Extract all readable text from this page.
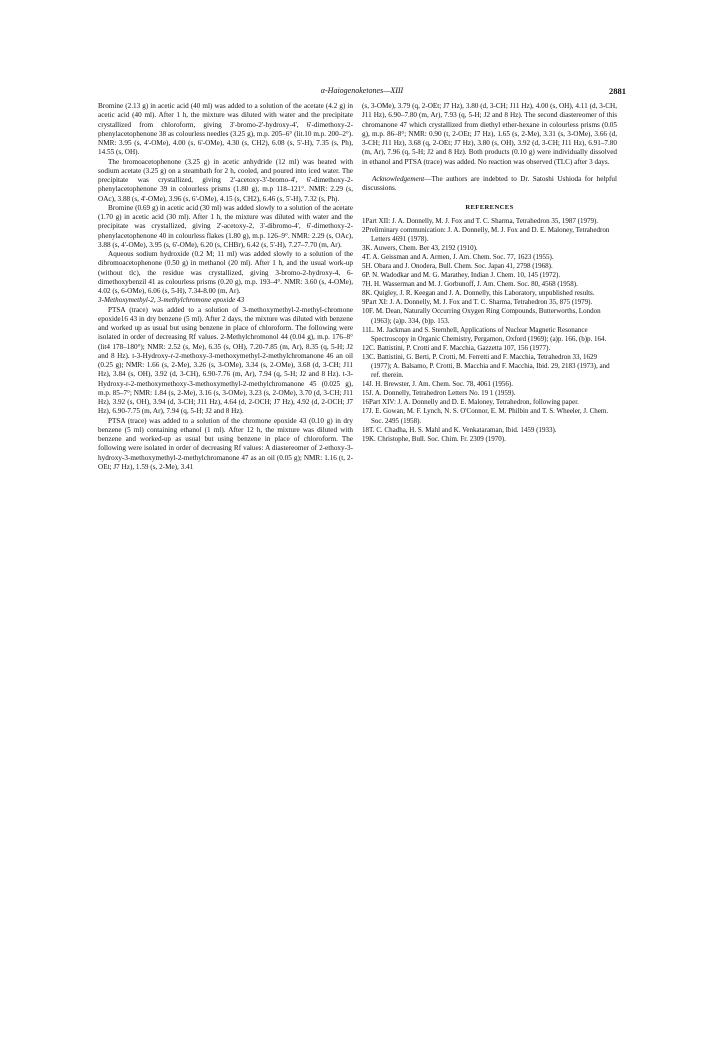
α-Haiogenoketones—XIII	2881

Bromine (2.13 g) in acetic acid (40 ml) was added to a solution of the acetate (4.2 g) in acetic acid (40 ml). After 1 h, the mixture was diluted with water and the precipitate crystallized from chloroform, giving 3'-bromo-2'-hydroxy-4', 6'-dimethoxy-2-phenylacetophenone 38 as colourless needles (3.25 g), m.p. 205–6° (lit.10 m.p. 200–2°). NMR: 3.95 (s, 4'-OMe), 4.00 (s, 6'-OMe), 4.30 (s, CH2), 6.08 (s, 5'-H), 7.35 (s, Ph), 14.55 (s, OH).

The bromoacetophenone (3.25 g) in acetic anhydride (12 ml) was heated with sodium acetate (3.25 g) on a steambath for 2 h, cooled, and poured into iced water. The precipitate was crystallized, giving 2'-acetoxy-3'-bromo-4', 6'-dimethoxy-2-phenylacetophenone 39 in colourless prisms (1.80 g), m.p 118–121°. NMR: 2.29 (s, OAc), 3.88 (s, 4'-OMe), 3.96 (s, 6'-OMe), 4.15 (s, CH2), 6.46 (s, 5'-H), 7.32 (s, Ph).

Bromine (0.69 g) in acetic acid (30 ml) was added slowly to a solution of the acetate (1.70 g) in acetic acid (30 ml). After 1 h, the mixture was diluted with water and the precipitate was crystallized, giving 2'-acetoxy-2, 3'-dibromo-4', 6'-dimethoxy-2-phenylacetophenone 40 in colourless flakes (1.80 g), m.p. 126–9°. NMR: 2.29 (s, OAc), 3.88 (s, 4'-OMe), 3.95 (s, 6'-OMe), 6.20 (s, CHBr), 6.42 (s, 5'-H), 7.27–7.70 (m, Ar).

Aqueous sodium hydroxide (0.2 M; 11 ml) was added slowly to a solution of the dibromoacetophenone (0.50 g) in methanol (20 ml). After 1 h, and the usual work-up (without tlc), the residue was crystallized, giving 3-bromo-2-hydroxy-4, 6-dimethoxybenzil 41 as colourless prisms (0.20 g), m.p. 193–4°. NMR: 3.60 (s, 4-OMe), 4.02 (s, 6-OMe), 6.06 (s, 5-H), 7.34-8.00 (m, Ar).

3-Methoxymethyl-2, 3-methylchromone epoxide 43

PTSA (trace) was added to a solution of 3-methoxymethyl-2-methyl-chromone epoxide16 43 in dry benzene (5 ml). After 2 days, the mixture was diluted with benzene and worked up as usual but using benzene in place of chloroform. The following were isolated in order of decreasing Rf values. 2-Methylchromonol 44 (0.04 g), m.p. 176–8° (lit4 178–180°); NMR: 2.52 (s, Me), 6.35 (s, OH), 7.20-7.85 (m, Ar), 8.35 (q, 5-H; J2 and 8 Hz). t-3-Hydroxy-r-2-methoxy-3-methoxymethyl-2-methylchromanone 46 an oil (0.25 g); NMR: 1.66 (s, 2-Me), 3.26 (s, 3-OMe), 3.34 (s, 2-OMe), 3.68 (d, 3-CH; J11 Hz), 3.84 (s, OH), 3.92 (d, 3-CH), 6.90-7.76 (m, Ar), 7.94 (q, 5-H; J2 and 8 Hz). t-3-Hydroxy-r-2-methoxymethoxy-3-methoxymethyl-2-methylchromanone 45 (0.025 g), m.p. 85–7°; NMR: 1.84 (s, 2-Me), 3.16 (s, 3-OMe), 3.23 (s, 2-OMe), 3.70 (d, 3-CH; J11 Hz), 3.92 (s, OH), 3.94 (d, 3-CH; J11 Hz), 4.64 (d, 2-OCH; J7 Hz), 4.92 (d, 2-OCH; J7 Hz), 6.90-7.75 (m, Ar), 7.94 (q, 5-H; J2 and 8 Hz).

PTSA (trace) was added to a solution of the chromone epoxide 43 (0.10 g) in dry benzene (5 ml) containing ethanol (1 ml). After 12 h, the mixture was diluted with benzene and worked-up as usual but using benzene in place of chloroform. The following were isolated in order of decreasing Rf values: A diastereomer of 2-ethoxy-3-hydroxy-3-methoxymethyl-2-methylchromanone 47 as an oil (0.05 g); NMR: 1.16 (t, 2-OEt; J7 Hz), 1.59 (s, 2-Me), 3.41

(s, 3-OMe), 3.79 (q, 2-OEt; J7 Hz), 3.80 (d, 3-CH; J11 Hz), 4.00 (s, OH), 4.11 (d, 3-CH, J11 Hz), 6.90–7.80 (m, Ar), 7.93 (q, 5-H; J2 and 8 Hz). The second diastereomer of this chromanone 47 which crystallized from diethyl ether-hexane in colourless prisms (0.05 g), m.p. 86–8°; NMR: 0.90 (t, 2-OEt; J7 Hz), 1.65 (s, 2-Me), 3.31 (s, 3-OMe), 3.66 (d, 3-CH; J11 Hz), 3.68 (q, 2-OEt; J7 Hz), 3.80 (s, OH), 3.92 (d, 3-CH; J11 Hz), 6.91–7.80 (m, Ar), 7.96 (q, 5-H; J2 and 8 Hz). Both products (0.10 g) were individually dissolved in ethanol and PTSA (trace) was added. No reaction was observed (TLC) after 3 days.

Acknowledgement—The authors are indebted to Dr. Satoshi Ushioda for helpful discussions.

REFERENCES
1Part XII: J. A. Donnelly, M. J. Fox and T. C. Sharma, Tetrahedron 35, 1987 (1979).
2Preliminary communication: J. A. Donnelly, M. J. Fox and D. E. Maloney, Tetrahedron Letters 4691 (1978).
3K. Auwers, Chem. Ber 43, 2192 (1910).
4T. A. Geissman and A. Armen, J. Am. Chem. Soc. 77, 1623 (1955).
5H. Obara and J. Onodera, Bull. Chem. Soc. Japan 41, 2798 (1968).
6P. N. Wadodkar and M. G. Marathey, Indian J. Chem. 10, 145 (1972).
7H. H. Wasserman and M. J. Gorbunoff, J. Am. Chem. Soc. 80, 4568 (1958).
8K. Quigley, J. R. Keegan and J. A. Donnelly, this Laboratory, unpublished results.
9Part XI: J. A. Donnelly, M. J. Fox and T. C. Sharma, Tetrahedron 35, 875 (1979).
10F. M. Dean, Naturally Occurring Oxygen Ring Compounds, Butterworths, London (1963); (a)p. 334, (b)p. 153.
11L. M. Jackman and S. Sternhell, Applications of Nuclear Magnetic Resonance Spectroscopy in Organic Chemistry, Pergamon, Oxford (1969); (a)p. 166, (b)p. 164.
12C. Battistini, P. Crotti and F. Macchia, Gazzetta 107, 156 (1977).
13C. Battistini, G. Berti, P. Crotti, M. Ferretti and F. Macchia, Tetrahedron 33, 1629 (1977); A. Balsamo, P. Crotti, B. Macchia and F. Macchia, Ibid. 29, 2183 (1973), and ref. therein.
14J. H. Brewster, J. Am. Chem. Soc. 78, 4061 (1956).
15J. A. Donnelly, Tetrahedron Letters No. 19 1 (1959).
16Part XIV: J. A. Donnelly and D. E. Maloney, Tetrahedron, following paper.
17J. E. Gowan, M. F. Lynch, N. S. O'Connor, E. M. Philbin and T. S. Wheeler, J. Chem. Soc. 2495 (1958).
18T. C. Chadha, H. S. Mahl and K. Venkataraman, Ibid. 1459 (1933).
19K. Christophe, Bull. Soc. Chim. Fr. 2309 (1970).
